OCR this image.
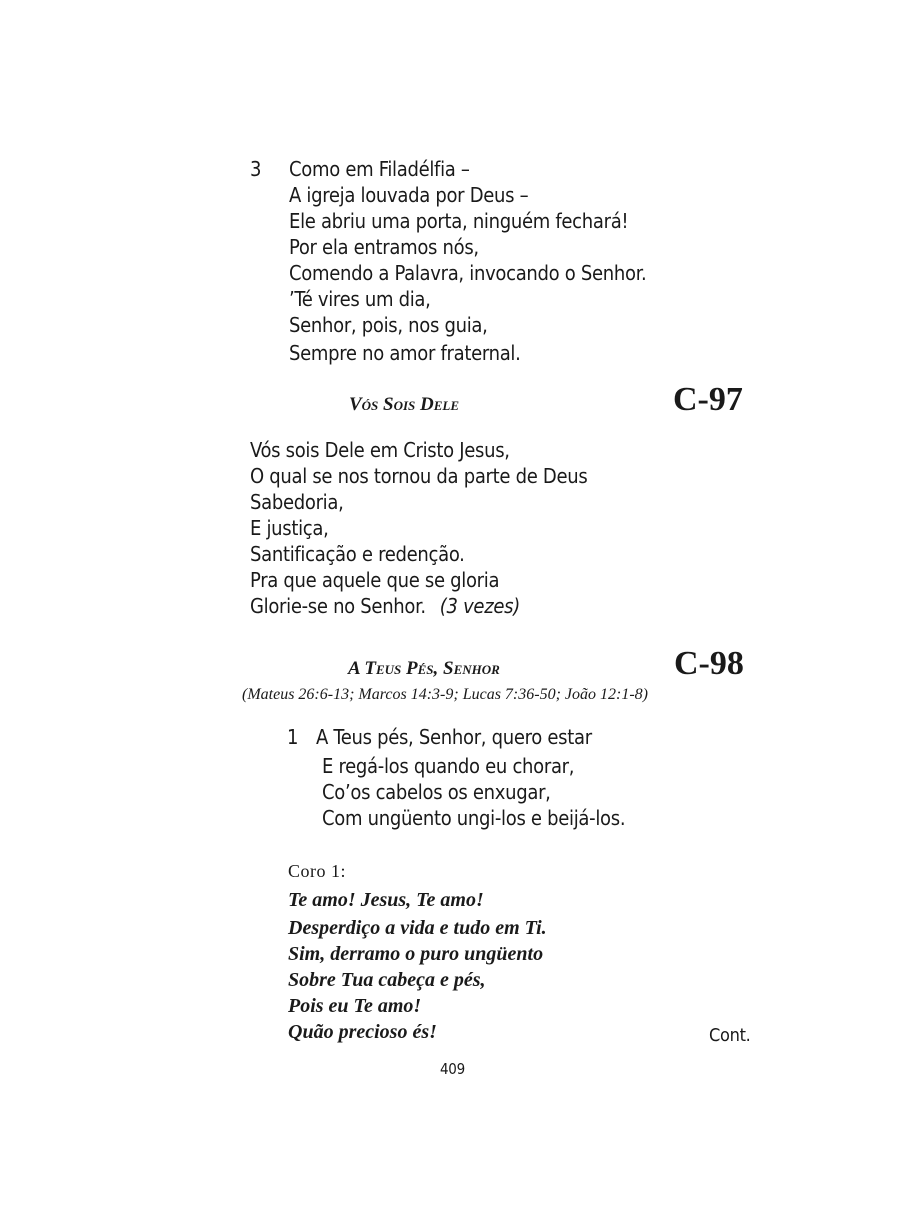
3 Como em Filadélfia –
A igreja louvada por Deus –
Ele abriu uma porta, ninguém fechará!
Por ela entramos nós,
Comendo a Palavra, invocando o Senhor.
’Té vires um dia,
Senhor, pois, nos guia,
Sempre no amor fraternal.
Vós Sois Dele	C-97
Vós sois Dele em Cristo Jesus,
O qual se nos tornou da parte de Deus
Sabedoria,
E justiça,
Santificação e redenção.
Pra que aquele que se gloria
Glorie-se no Senhor. (3 vezes)
A Teus Pés, Senhor	C-98
(Mateus 26:6-13; Marcos 14:3-9; Lucas 7:36-50; João 12:1-8)
1 A Teus pés, Senhor, quero estar
E regá-los quando eu chorar,
Co’os cabelos os enxugar,
Com ungüento ungi-los e beijá-los.
Coro 1:
Te amo! Jesus, Te amo!
Desperdiço a vida e tudo em Ti.
Sim, derramo o puro ungüento
Sobre Tua cabeça e pés,
Pois eu Te amo!
Quão precioso és!	Cont.
409
